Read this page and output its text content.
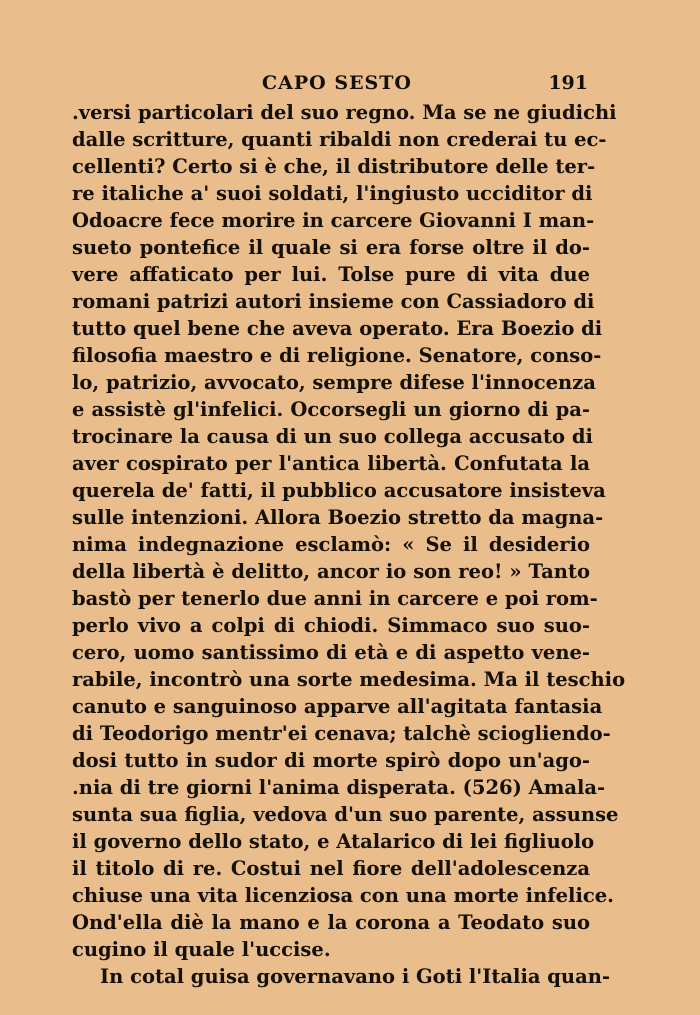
CAPO SESTO	191
.versi particolari del suo regno. Ma se ne giudichi
dalle scritture, quanti ribaldi non crederai tu ec-
cellenti? Certo si è che, il distributore delle ter-
re italiche a' suoi soldati, l'ingiusto ucciditor di
Odoacre fece morire in carcere Giovanni I man-
sueto pontefice il quale si era forse oltre il do-
vere affaticato per lui. Tolse pure di vita due
romani patrizi autori insieme con Cassiadoro di
tutto quel bene che aveva operato. Era Boezio di
filosofia maestro e di religione. Senatore, conso-
lo, patrizio, avvocato, sempre difese l'innocenza
e assistè gl'infelici. Occorsegli un giorno di pa-
trocinare la causa di un suo collega accusato di
aver cospirato per l'antica libertà. Confutata la
querela de' fatti, il pubblico accusatore insisteva
sulle intenzioni. Allora Boezio stretto da magna-
nima indegnazione esclamò: « Se il desiderio
della libertà è delitto, ancor io son reo! » Tanto
bastò per tenerlo due anni in carcere e poi rom-
perlo vivo a colpi di chiodi. Simmaco suo suo-
cero, uomo santissimo di età e di aspetto vene-
rabile, incontrò una sorte medesima. Ma il teschio
canuto e sanguinoso apparve all'agitata fantasia
di Teodorigo mentr'ei cenava; talchè sciogliendo-
dosi tutto in sudor di morte spirò dopo un'ago-
.nia di tre giorni l'anima disperata. (526) Amala-
sunta sua figlia, vedova d'un suo parente, assunse
il governo dello stato, e Atalarico di lei figliuolo
il titolo di re. Costui nel fiore dell'adolescenza
chiuse una vita licenziosa con una morte infelice.
Ond'ella diè la mano e la corona a Teodato suo
cugino il quale l'uccise.
In cotal guisa governavano i Goti l'Italia quan-
